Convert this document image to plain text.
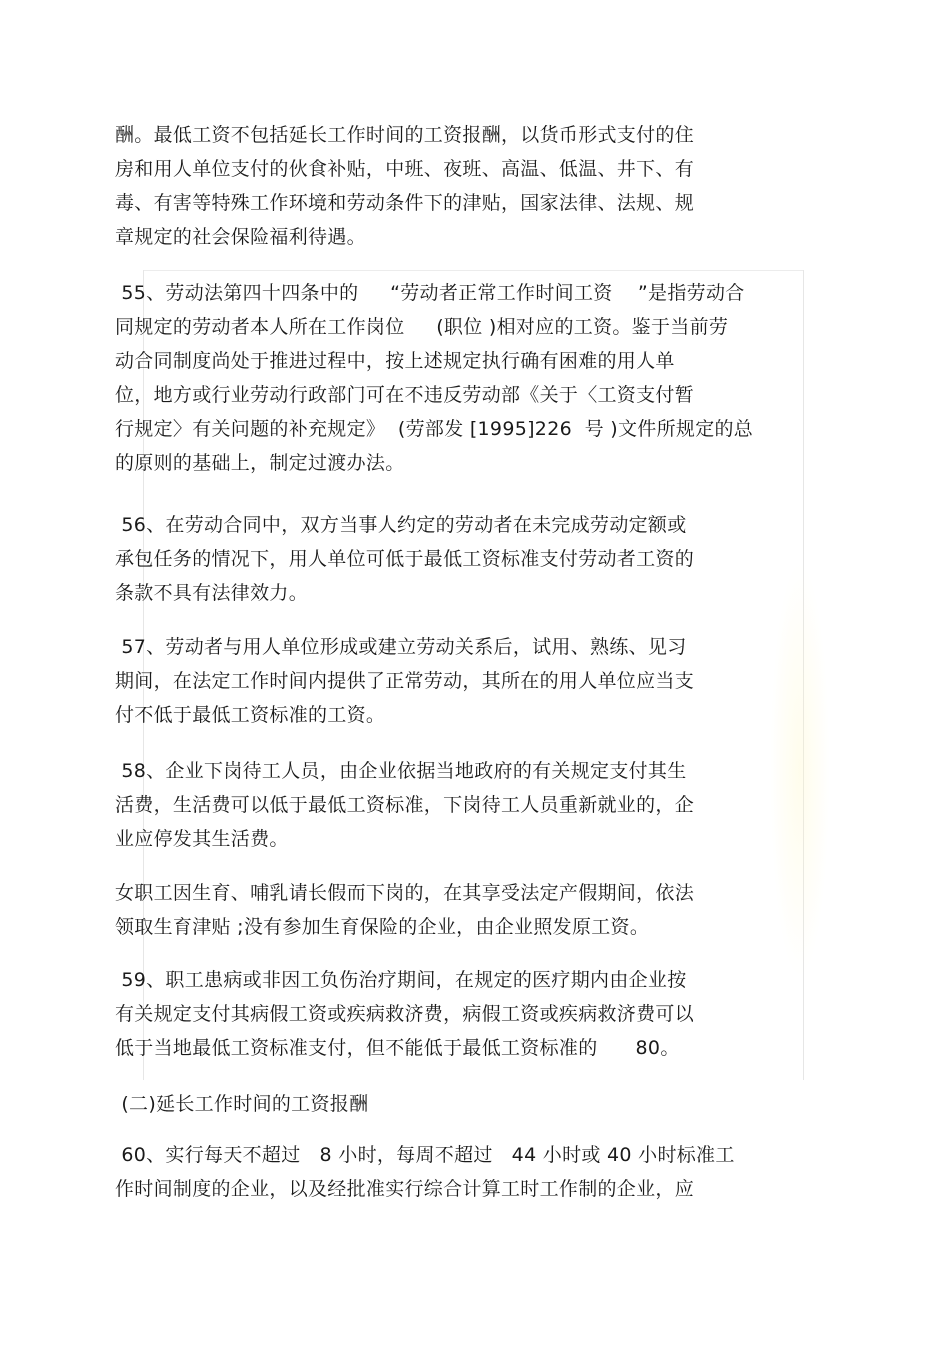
酬。最低工资不包括延长工作时间的工资报酬，以货币形式支付的住
房和用人单位支付的伙食补贴，中班、夜班、高温、低温、井下、有
毒、有害等特殊工作环境和劳动条件下的津贴，国家法律、法规、规
章规定的社会保险福利待遇。
55、劳动法第四十四条中的     “劳动者正常工作时间工资    ”是指劳动合
同规定的劳动者本人所在工作岗位     (职位 )相对应的工资。鉴于当前劳
动合同制度尚处于推进过程中，按上述规定执行确有困难的用人单
位，地方或行业劳动行政部门可在不违反劳动部《关于〈工资支付暂
行规定〉有关问题的补充规定》  (劳部发 [1995]226  号 )文件所规定的总
的原则的基础上，制定过渡办法。
56、在劳动合同中，双方当事人约定的劳动者在未完成劳动定额或
承包任务的情况下，用人单位可低于最低工资标准支付劳动者工资的
条款不具有法律效力。
57、劳动者与用人单位形成或建立劳动关系后，试用、熟练、见习
期间，在法定工作时间内提供了正常劳动，其所在的用人单位应当支
付不低于最低工资标准的工资。
58、企业下岗待工人员，由企业依据当地政府的有关规定支付其生
活费，生活费可以低于最低工资标准，下岗待工人员重新就业的，企
业应停发其生活费。
女职工因生育、哺乳请长假而下岗的，在其享受法定产假期间，依法
领取生育津贴 ;没有参加生育保险的企业，由企业照发原工资。
59、职工患病或非因工负伤治疗期间，在规定的医疗期内由企业按
有关规定支付其病假工资或疾病救济费，病假工资或疾病救济费可以
低于当地最低工资标准支付，但不能低于最低工资标准的      80。
(二)延长工作时间的工资报酬
60、实行每天不超过   8 小时，每周不超过   44 小时或 40 小时标准工
作时间制度的企业，以及经批准实行综合计算工时工作制的企业，应
